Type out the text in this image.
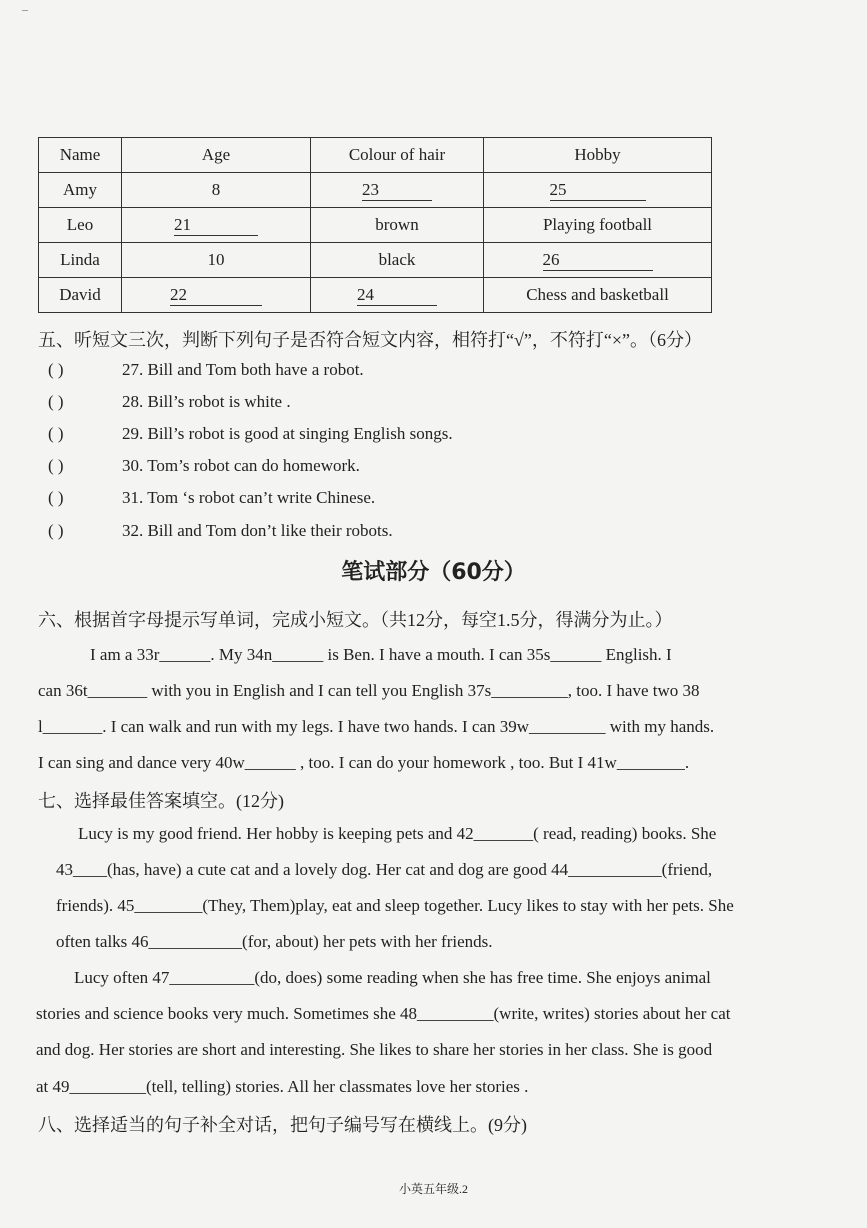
–
Name	Age	Colour of hair	Hobby
Amy	8	23	25
Leo	21	brown	Playing football
Linda	10	black	26
David	22	24	Chess and basketball
五、听短文三次，判断下列句子是否符合短文内容，相符打“√”，不符打“×”。（6分）
( )	27. Bill and Tom both have a robot.
( )	28. Bill’s robot is white .
( )	29. Bill’s robot is good at singing English songs.
( )	30. Tom’s robot can do homework.
( )	31. Tom ‘s robot can’t write Chinese.
( )	32. Bill and Tom don’t like their robots.
笔试部分（60分）
六、根据首字母提示写单词，完成小短文。（共12分，每空1.5分，得满分为止。）
I am a 33r______. My 34n______ is Ben. I have a mouth. I can 35s______ English. I
can 36t_______ with you in English and I can tell you English 37s_________, too. I have two 38
l_______. I can walk and run with my legs. I have two hands. I can 39w_________ with my hands.
I can sing and dance very 40w______ , too. I can do your homework , too. But I 41w________.
七、选择最佳答案填空。(12分)
Lucy is my good friend. Her hobby is keeping pets and 42_______( read, reading) books. She
43____(has, have) a cute cat and a lovely dog. Her cat and dog are good 44___________(friend,
friends). 45________(They, Them)play, eat and sleep together. Lucy likes to stay with her pets. She
often talks 46___________(for, about) her pets with her friends.
Lucy often 47__________(do, does) some reading when she has free time. She enjoys animal
stories and science books very much. Sometimes she 48_________(write, writes) stories about her cat
and dog. Her stories are short and interesting. She likes to share her stories in her class. She is good
at 49_________(tell, telling) stories. All her classmates love her stories .
八、选择适当的句子补全对话，把句子编号写在横线上。(9分)
小英五年级.2
